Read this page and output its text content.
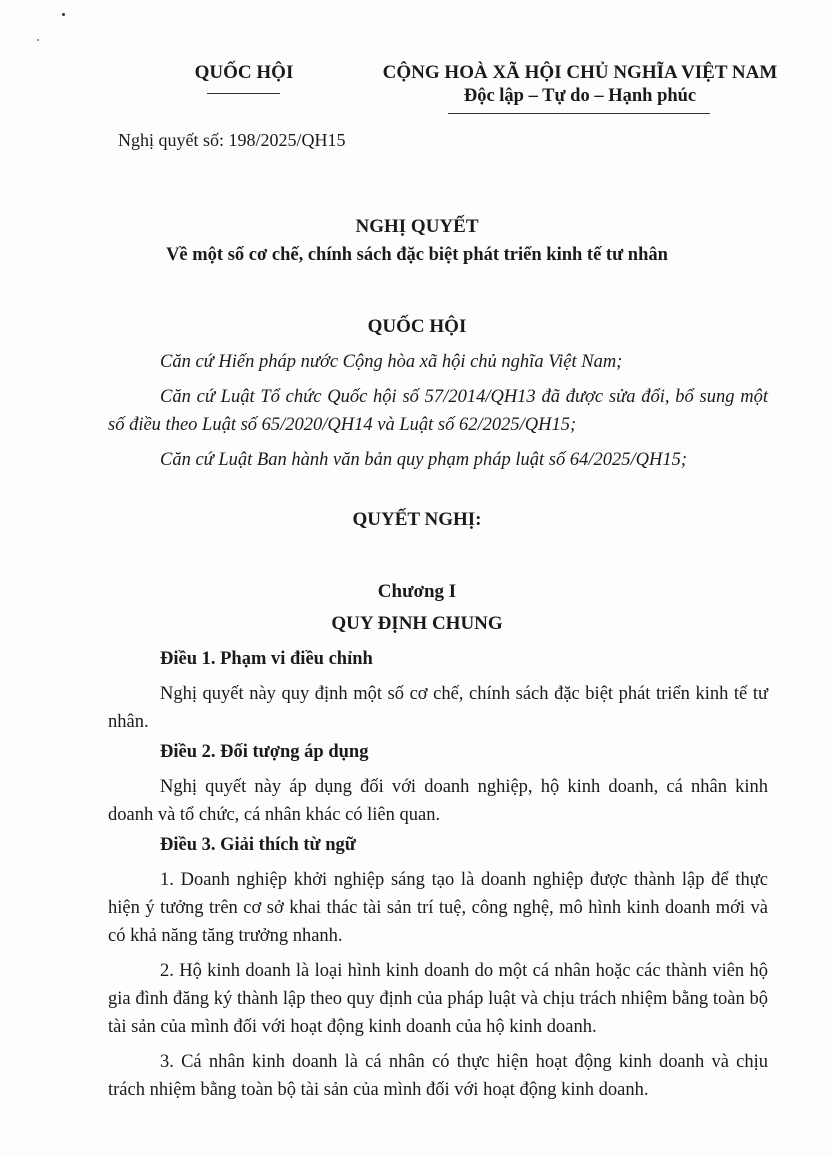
QUỐC HỘI	CỘNG HOÀ XÃ HỘI CHỦ NGHĨA VIỆT NAM
Độc lập – Tự do – Hạnh phúc
Nghị quyết số: 198/2025/QH15
NGHỊ QUYẾT
Về một số cơ chế, chính sách đặc biệt phát triển kinh tế tư nhân
QUỐC HỘI
Căn cứ Hiến pháp nước Cộng hòa xã hội chủ nghĩa Việt Nam;
Căn cứ Luật Tổ chức Quốc hội số 57/2014/QH13 đã được sửa đổi, bổ sung một số điều theo Luật số 65/2020/QH14 và Luật số 62/2025/QH15;
Căn cứ Luật Ban hành văn bản quy phạm pháp luật số 64/2025/QH15;
QUYẾT NGHỊ:
Chương I
QUY ĐỊNH CHUNG
Điều 1. Phạm vi điều chỉnh
Nghị quyết này quy định một số cơ chế, chính sách đặc biệt phát triển kinh tế tư nhân.
Điều 2. Đối tượng áp dụng
Nghị quyết này áp dụng đối với doanh nghiệp, hộ kinh doanh, cá nhân kinh doanh và tổ chức, cá nhân khác có liên quan.
Điều 3. Giải thích từ ngữ
1. Doanh nghiệp khởi nghiệp sáng tạo là doanh nghiệp được thành lập để thực hiện ý tưởng trên cơ sở khai thác tài sản trí tuệ, công nghệ, mô hình kinh doanh mới và có khả năng tăng trưởng nhanh.
2. Hộ kinh doanh là loại hình kinh doanh do một cá nhân hoặc các thành viên hộ gia đình đăng ký thành lập theo quy định của pháp luật và chịu trách nhiệm bằng toàn bộ tài sản của mình đối với hoạt động kinh doanh của hộ kinh doanh.
3. Cá nhân kinh doanh là cá nhân có thực hiện hoạt động kinh doanh và chịu trách nhiệm bằng toàn bộ tài sản của mình đối với hoạt động kinh doanh.
